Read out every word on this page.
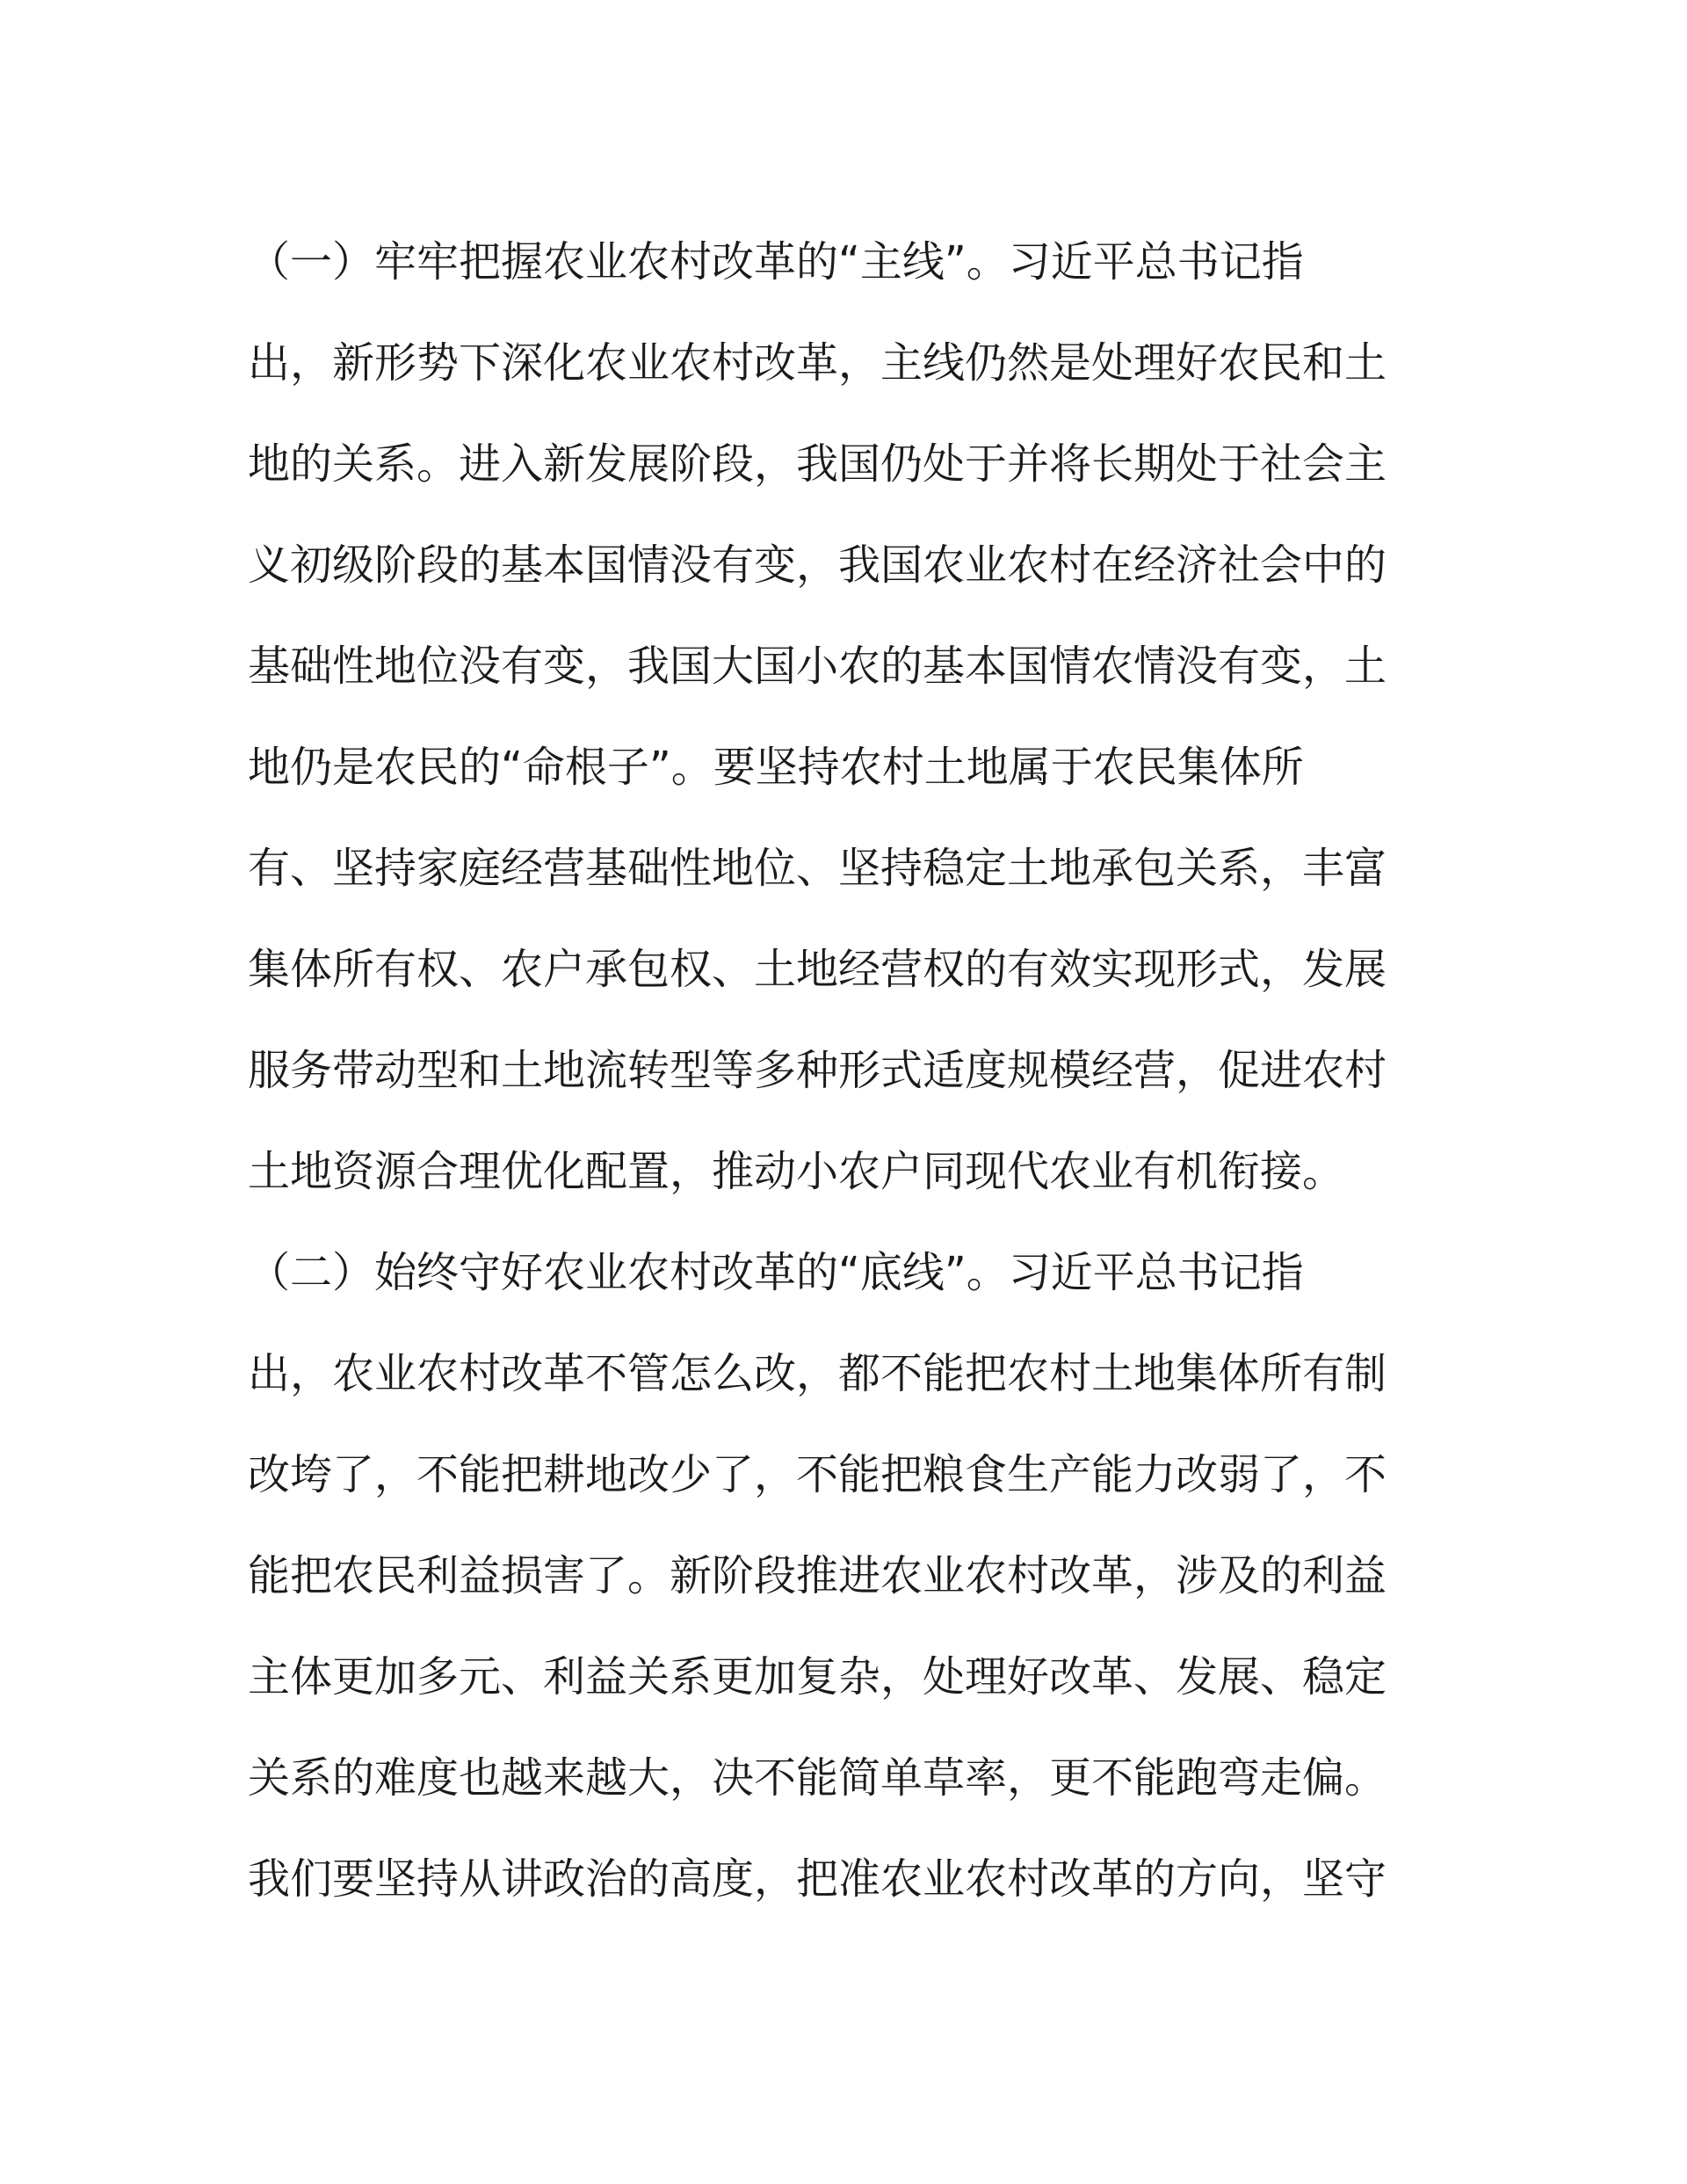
（一）牢牢把握农业农村改革的“主线”。习近平总书记指
出，新形势下深化农业农村改革，主线仍然是处理好农民和土
地的关系。进入新发展阶段，我国仍处于并将长期处于社会主
义初级阶段的基本国情没有变，我国农业农村在经济社会中的
基础性地位没有变，我国大国小农的基本国情农情没有变，土
地仍是农民的“命根子”。要坚持农村土地属于农民集体所
有、坚持家庭经营基础性地位、坚持稳定土地承包关系，丰富
集体所有权、农户承包权、土地经营权的有效实现形式，发展
服务带动型和土地流转型等多种形式适度规模经营，促进农村
土地资源合理优化配置，推动小农户同现代农业有机衔接。
（二）始终守好农业农村改革的“底线”。习近平总书记指
出，农业农村改革不管怎么改，都不能把农村土地集体所有制
改垮了，不能把耕地改少了，不能把粮食生产能力改弱了，不
能把农民利益损害了。新阶段推进农业农村改革，涉及的利益
主体更加多元、利益关系更加复杂，处理好改革、发展、稳定
关系的难度也越来越大，决不能简单草率，更不能跑弯走偏。
我们要坚持从讲政治的高度，把准农业农村改革的方向，坚守
